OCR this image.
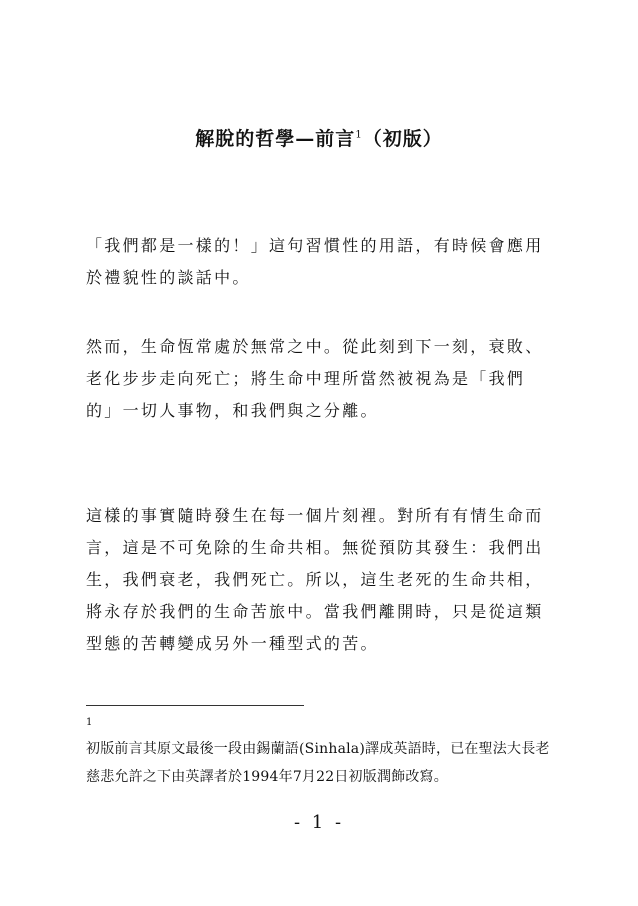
解脫的哲學—前言$^1$（初版）

「我們都是一樣的！」這句習慣性的用語，有時候會應用於禮貌性的談話中。

然而，生命恆常處於無常之中。從此刻到下一刻，衰敗、老化步步走向死亡；將生命中理所當然被視為是「我們的」一切人事物，和我們與之分離。

這樣的事實隨時發生在每一個片刻裡。對所有有情生命而言，這是不可免除的生命共相。無從預防其發生：我們出生，我們衰老，我們死亡。所以，這生老死的生命共相，將永存於我們的生命苦旅中。當我們離開時，只是從這類型態的苦轉變成另外一種型式的苦。

1
初版前言其原文最後一段由錫蘭語(Sinhala)譯成英語時，已在聖法大長老慈悲允許之下由英譯者於1994年7月22日初版潤飾改寫。
- 1 -
